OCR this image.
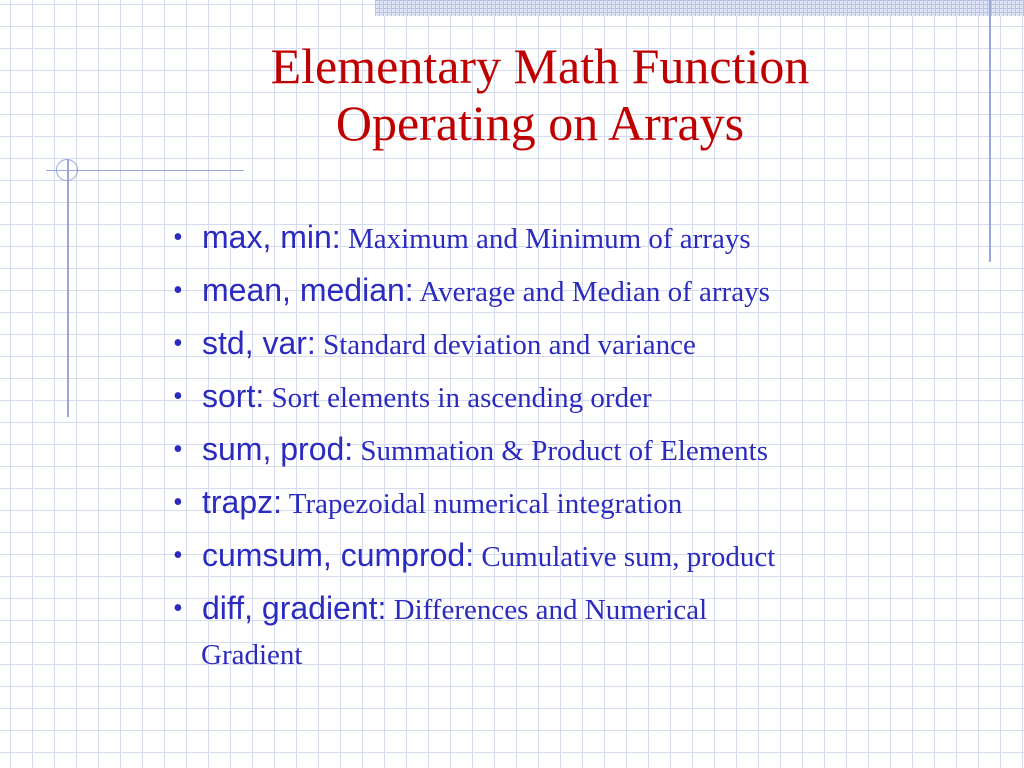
Elementary Math Function
Operating on Arrays
• max, min: Maximum and Minimum of arrays
• mean, median: Average and Median of arrays
• std, var: Standard deviation and variance
• sort: Sort elements in ascending order
• sum, prod: Summation & Product of Elements
• trapz: Trapezoidal numerical integration
• cumsum, cumprod: Cumulative sum, product
• diff, gradient: Differences and Numerical
Gradient
